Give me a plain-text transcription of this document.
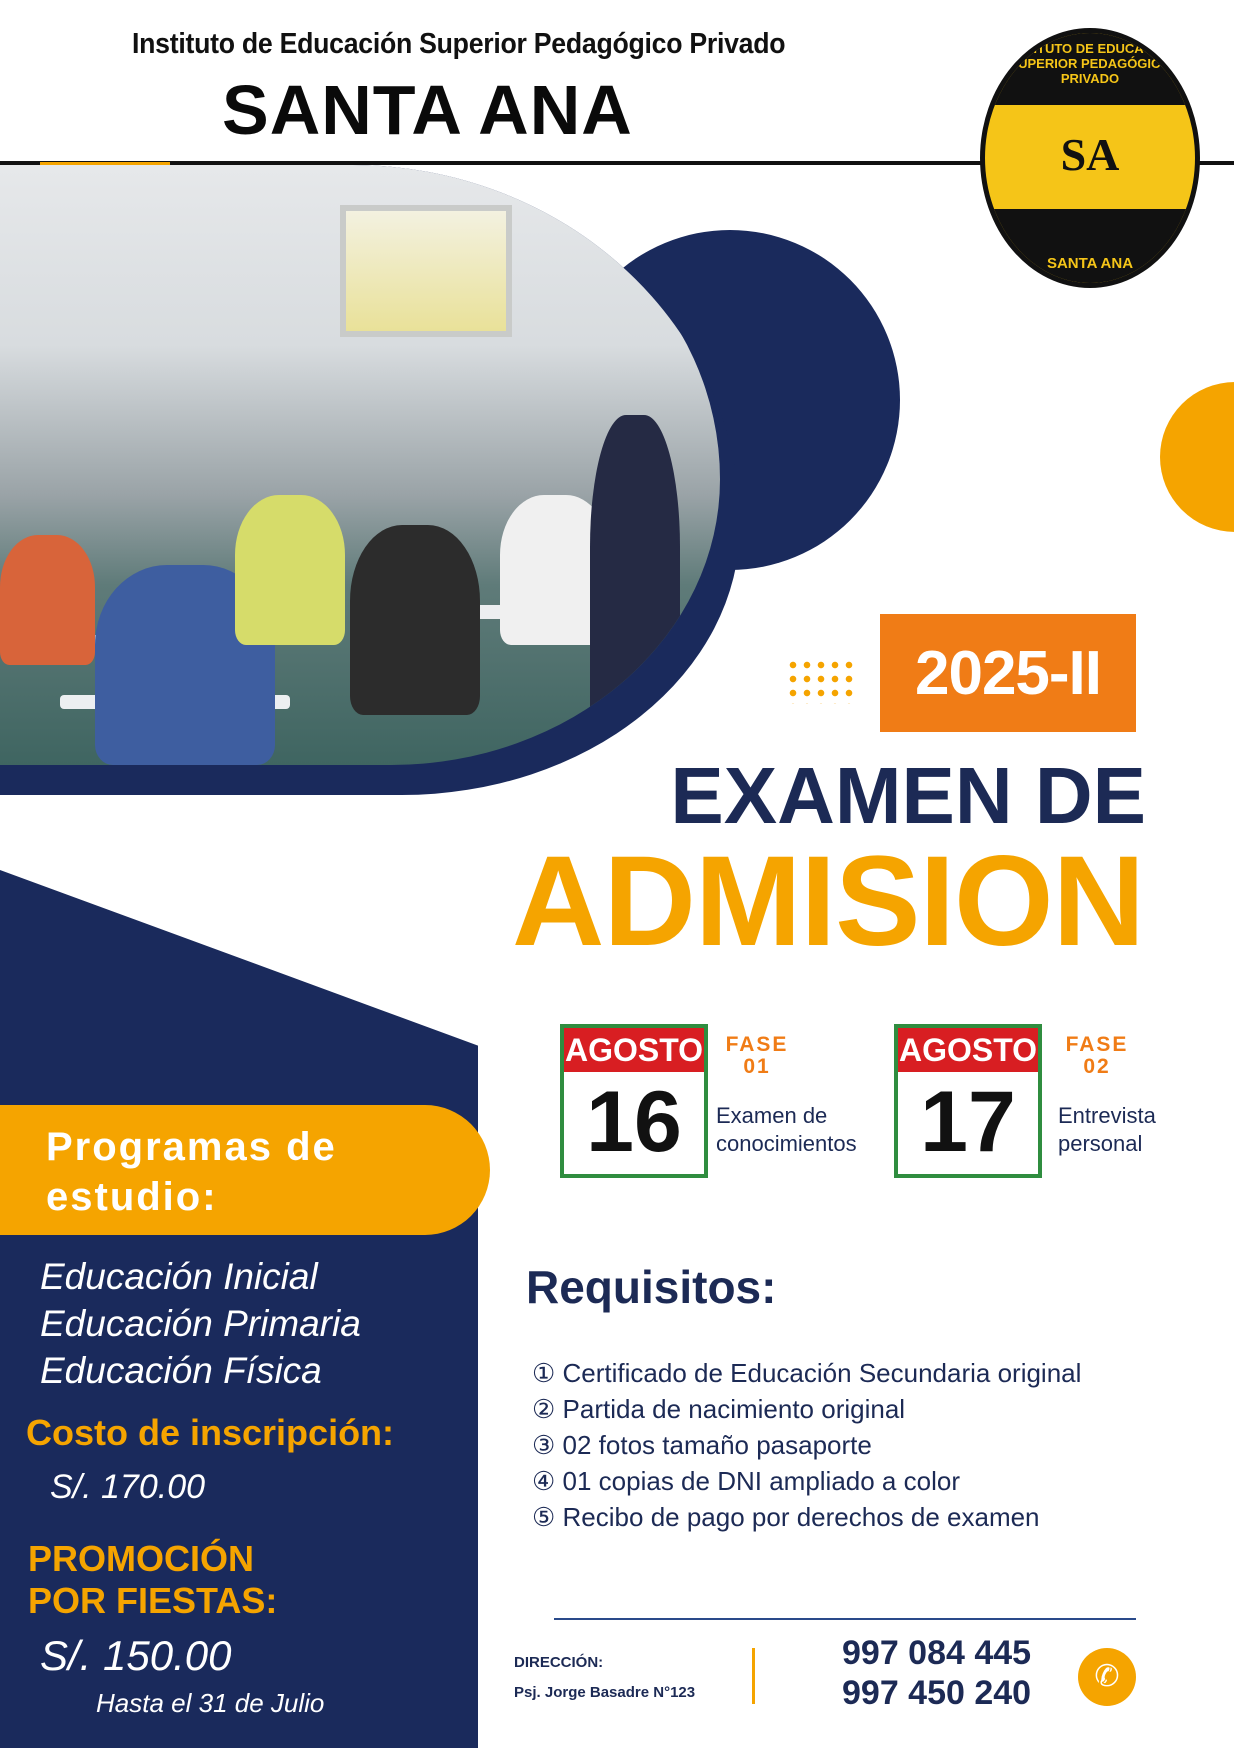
Instituto de Educación Superior Pedagógico Privado
SANTA ANA
INSTITUTO DE EDUCACIÓN SUPERIOR PEDAGÓGICO PRIVADO
SA
SANTA ANA
2025-II
EXAMEN DE
ADMISION
Programas de estudio:
Educación Inicial
Educación Primaria
Educación Física
Costo de inscripción:
S/. 170.00
PROMOCIÓN
POR FIESTAS:
S/. 150.00
Hasta el 31 de Julio
AGOSTO
16
FASE
01
Examen de
conocimientos
AGOSTO
17
FASE
02
Entrevista
personal
Requisitos:
① Certificado de Educación Secundaria original
② Partida de nacimiento original
③ 02 fotos tamaño pasaporte
④ 01 copias de DNI ampliado a color
⑤ Recibo de pago por derechos de examen
DIRECCIÓN:
Psj. Jorge Basadre N°123
997 084 445
997 450 240	✆
